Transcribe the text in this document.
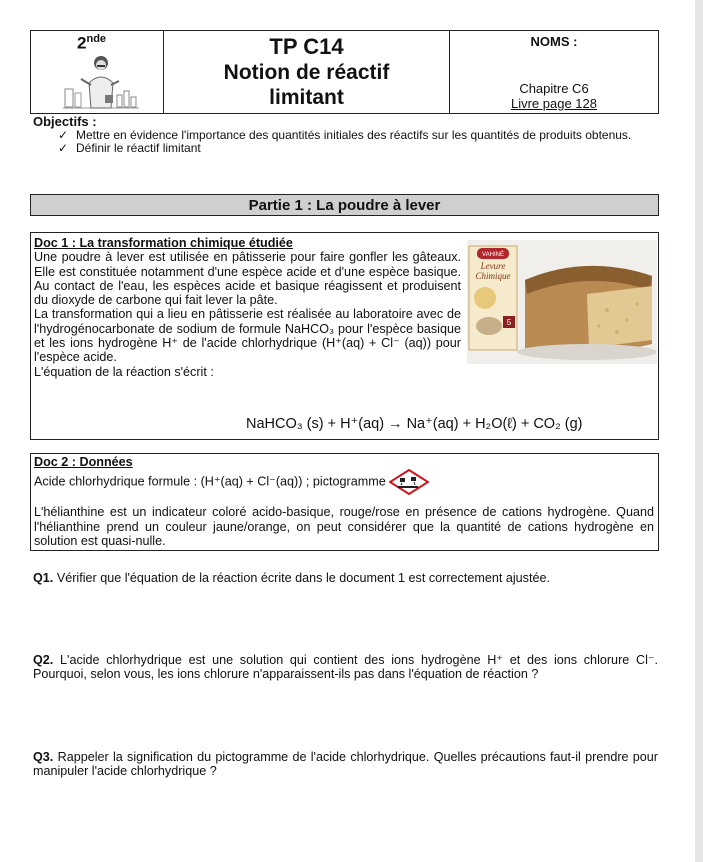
2nde	TP C14
Notion de réactif
limitant
NOMS :
Chapitre C6
Livre page 128
Objectifs :
✓ Mettre en évidence l'importance des quantités initiales des réactifs sur les quantités de produits obtenus.
✓ Définir le réactif limitant
Partie 1 : La poudre à lever
VAHINÉ
Levure
Chimique
5
Doc 1 : La transformation chimique étudiée
Une poudre à lever est utilisée en pâtisserie pour faire gonfler les gâteaux. Elle est constituée notamment d'une espèce acide et d'une espèce basique. Au contact de l'eau, les espèces acide et basique réagissent et produisent du dioxyde de carbone qui fait lever la pâte.
La transformation qui a lieu en pâtisserie est réalisée au laboratoire avec de l'hydrogénocarbonate de sodium de formule NaHCO₃ pour l'espèce basique et les ions hydrogène H⁺ de l'acide chlorhydrique (H⁺(aq) + Cl⁻ (aq)) pour l'espèce acide.
L'équation de la réaction s'écrit :
NaHCO₃ (s) + H⁺(aq) → Na⁺(aq) + H₂O(ℓ) + CO₂ (g)
Doc 2 : Données
Acide chlorhydrique formule : (H⁺(aq) + Cl⁻(aq)) ; pictogramme
L'hélianthine est un indicateur coloré acido-basique, rouge/rose en présence de cations hydrogène. Quand l'hélianthine prend un couleur jaune/orange, on peut considérer que la quantité de cations hydrogène en solution est quasi-nulle.
Q1. Vérifier que l'équation de la réaction écrite dans le document 1 est correctement ajustée.
Q2. L'acide chlorhydrique est une solution qui contient des ions hydrogène H⁺ et des ions chlorure Cl⁻. Pourquoi, selon vous, les ions chlorure n'apparaissent-ils pas dans l'équation de réaction ?
Q3. Rappeler la signification du pictogramme de l'acide chlorhydrique. Quelles précautions faut-il prendre pour manipuler l'acide chlorhydrique ?
